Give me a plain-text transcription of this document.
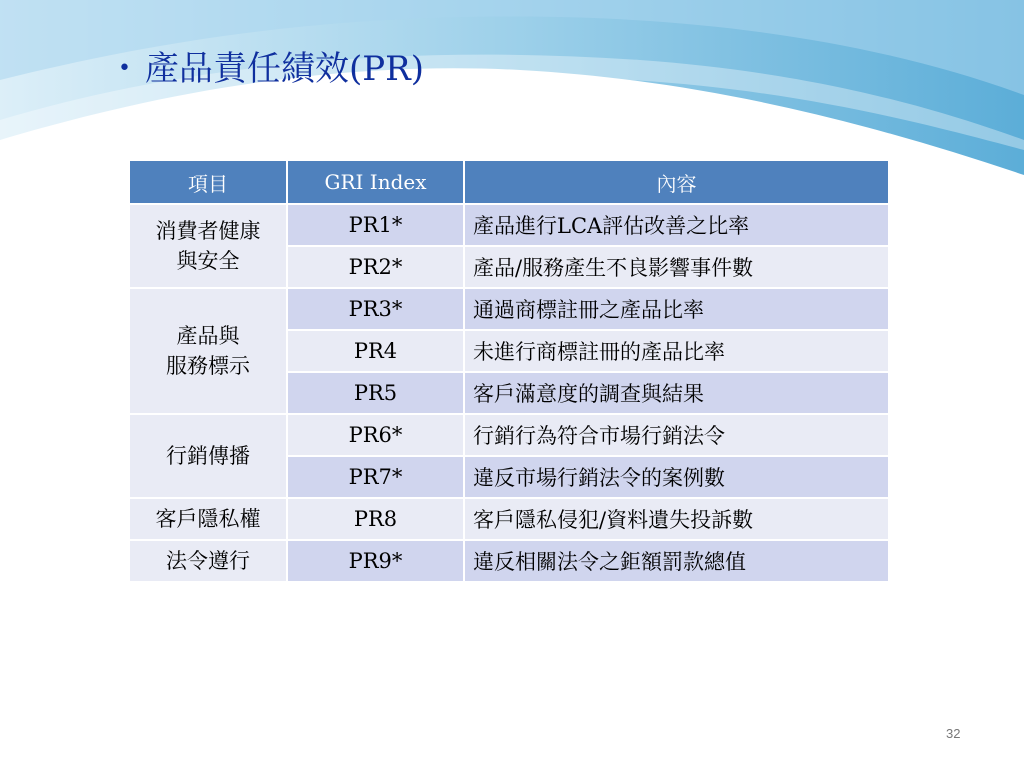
• 產品責任績效(PR)
項目	GRI Index	內容
消費者健康
與安全	PR1*	產品進行LCA評估改善之比率
	PR2*	產品/服務產生不良影響事件數
產品與
服務標示	PR3*	通過商標註冊之產品比率
	PR4	未進行商標註冊的產品比率
	PR5	客戶滿意度的調查與結果
行銷傳播	PR6*	行銷行為符合市場行銷法令
	PR7*	違反市場行銷法令的案例數
客戶隱私權	PR8	客戶隱私侵犯/資料遺失投訴數
法令遵行	PR9*	違反相關法令之鉅額罰款總值
32
